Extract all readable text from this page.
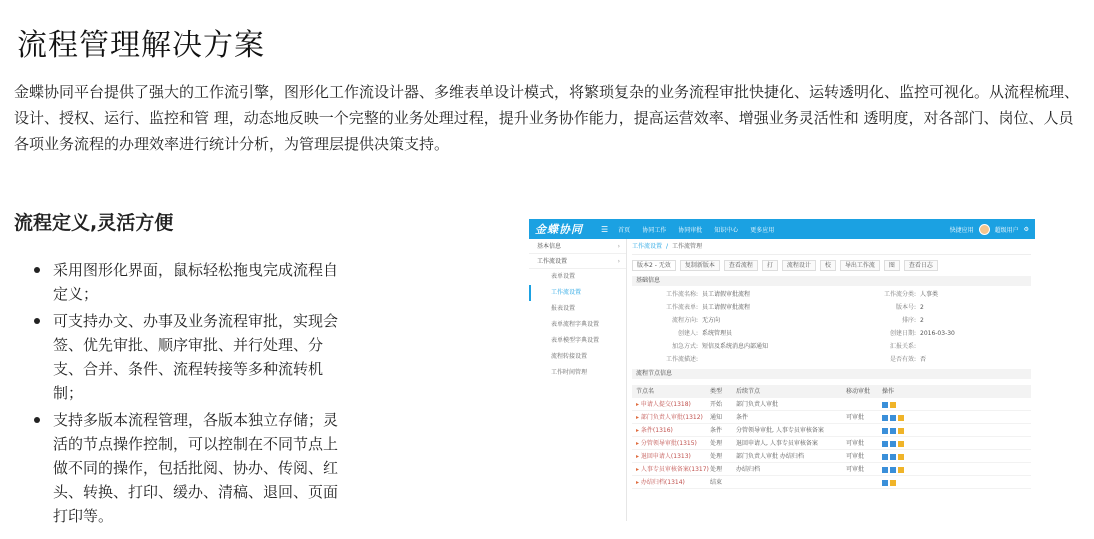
流程管理解决方案

金蝶协同平台提供了强大的工作流引擎，图形化工作流设计器、多维表单设计模式，将繁琐复杂的业务流程审批快捷化、运转透明化、监控可视化。从流程梳理、设计、授权、运行、监控和管 理，动态地反映一个完整的业务处理过程，提升业务协作能力，提高运营效率、增强业务灵活性和 透明度，对各部门、岗位、人员各项业务流程的办理效率进行统计分析，为管理层提供决策支持。

流程定义,灵活方便
采用图形化界面，鼠标轻松拖曳完成流程自定义；
可支持办文、办事及业务流程审批，实现会签、优先审批、顺序审批、并行处理、分支、合并、条件、流程转接等多种流转机制；
支持多版本流程管理，各版本独立存储；灵活的节点操作控制，可以控制在不同节点上做不同的操作，包括批阅、协办、传阅、红头、转换、打印、缓办、清稿、退回、页面打印等。
金蝶协同 ☰ 首页 协同工作 协同审批 知识中心 更多应用	快捷应用	超级用户 ⚙
基本信息	›
工作流设置	›
表单设置
工作流设置
报表设置
表单流程字典设置
表单模型字典设置
流程转接设置
工作时间管理
工作流设置 / 工作流管理
版本2 - 无效	复制新版本	查看流程	打	流程设计	校	导出工作流	图	查看日志
基础信息
工作流名称: 员工请假审批流程	工作流分类: 人事类
工作流表单: 员工请假审批流程	版本号: 2
流程方向: 无方向	排序: 2
创建人: 系统管理员	创建日期: 2016-03-30
加急方式: 短信及系统消息内部通知	汇报关系:
工作流描述:	是否有效: 否
流程节点信息
节点名	类型	后续节点	移动审批	操作
▸ 申请人提交(1318)	开始	部门负责人审批
▸ 部门负责人审批(1312)	通知	条件	可审批
▸ 条件(1316)	条件	分管领导审批, 人事专员审核备案
▸ 分管领导审批(1315)	处理	退回申请人, 人事专员审核备案	可审批
▸ 退回申请人(1313)	处理	部门负责人审批 办结归档	可审批
▸ 人事专员审核备案(1317) 处理	办结归档	可审批
▸ 办结归档(1314)	结束
